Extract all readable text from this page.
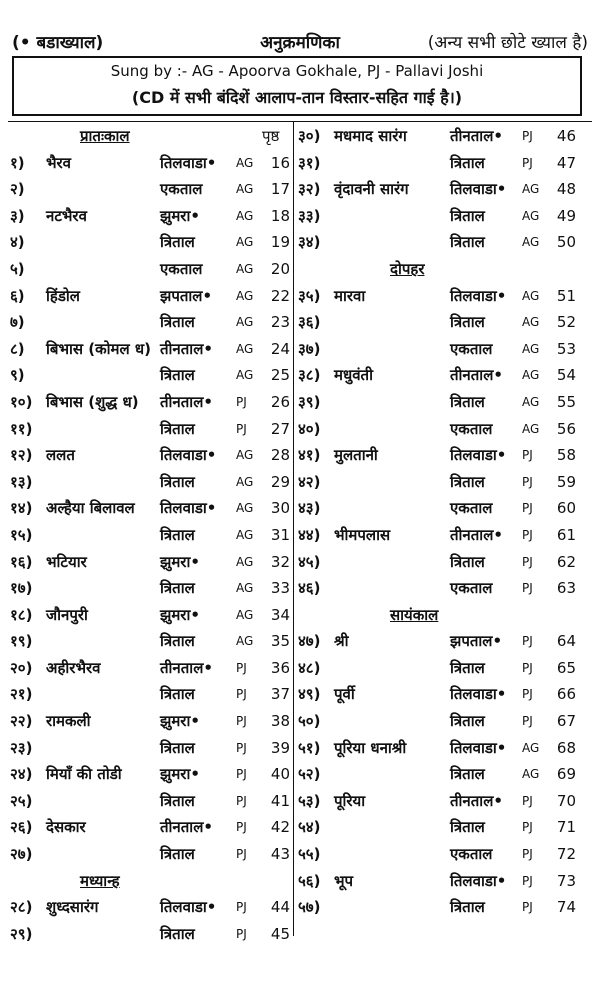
(• बडाख्याल)	अनुक्रमणिका	(अन्य सभी छोटे ख्याल है)
Sung by :- AG - Apoorva Gokhale, PJ - Pallavi Joshi
(CD में सभी बंदिशें आलाप-तान विस्तार-सहित गाई है।)
प्रातःकाल	पृष्ठ
१) भैरव	तिलवाडा• AG	16
२)	एकताल	AG	17
३) नटभैरव	झुमरा•	AG	18
४)	त्रिताल	AG	19
५)	एकताल	AG	20
६) हिंडोल	झपताल• AG	22
७)	त्रिताल	AG	23
८) बिभास (कोमल ध) तीनताल• AG	24
९)	त्रिताल	AG	25
१०) बिभास (शुद्ध ध) तीनताल• PJ	26
११)	त्रिताल	PJ	27
१२) ललत	तिलवाडा• AG	28
१३)	त्रिताल	AG	29
१४) अल्हैया बिलावल तिलवाडा• AG	30
१५)	त्रिताल	AG	31
१६) भटियार	झुमरा•	AG	32
१७)	त्रिताल	AG	33
१८) जौनपुरी	झुमरा•	AG	34
१९)	त्रिताल	AG	35
२०) अहीरभैरव	तीनताल• PJ	36
२१)	त्रिताल	PJ	37
२२) रामकली	झुमरा•	PJ	38
२३)	त्रिताल	PJ	39
२४) मियाँ की तोडी	झुमरा•	PJ	40
२५)	त्रिताल	PJ	41
२६) देसकार	तीनताल• PJ	42
२७)	त्रिताल	PJ	43
मध्यान्ह
२८) शुध्दसारंग	तिलवाडा• PJ	44
२९)	त्रिताल	PJ	45
३०) मधमाद सारंग	तीनताल• PJ	46
३१)	त्रिताल	PJ	47
३२) वृंदावनी सारंग	तिलवाडा• AG	48
३३)	त्रिताल	AG	49
३४)	त्रिताल	AG	50
दोपहर
३५) मारवा	तिलवाडा• AG	51
३६)	त्रिताल	AG	52
३७)	एकताल AG	53
३८) मधुवंती	तीनताल• AG	54
३९)	त्रिताल	AG	55
४०)	एकताल AG	56
४१) मुलतानी	तिलवाडा• PJ	58
४२)	त्रिताल	PJ	59
४३)	एकताल PJ	60
४४) भीमपलास	तीनताल• PJ	61
४५)	त्रिताल	PJ	62
४६)	एकताल PJ	63
सायंकाल
४७) श्री	झपताल• PJ	64
४८)	त्रिताल	PJ	65
४९) पूर्वी	तिलवाडा• PJ	66
५०)	त्रिताल	PJ	67
५१) पूरिया धनाश्री	तिलवाडा• AG	68
५२)	त्रिताल	AG	69
५३) पूरिया	तीनताल• PJ	70
५४)	त्रिताल	PJ	71
५५)	एकताल PJ	72
५६) भूप	तिलवाडा• PJ	73
५७)	त्रिताल	PJ	74
